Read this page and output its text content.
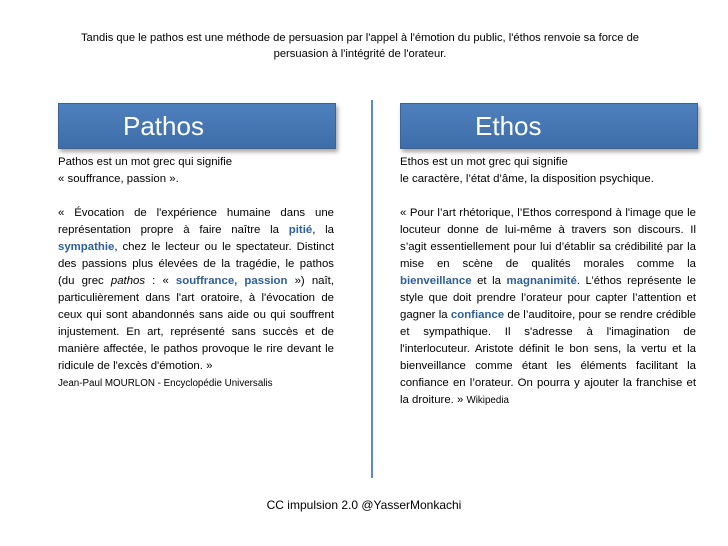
Tandis que le pathos est une méthode de persuasion par l'appel à l'émotion du public, l'éthos renvoie sa force de persuasion à l'intégrité de l'orateur.
Pathos	Ethos

Pathos est un mot grec qui signifie

« souffrance, passion ».

« Évocation de l'expérience humaine dans une représentation propre à faire naître la pitié, la sympathie, chez le lecteur ou le spectateur. Distinct des passions plus élevées de la tragédie, le pathos (du grec pathos : « souffrance, passion ») naît, particulièrement dans l'art oratoire, à l'évocation de ceux qui sont abandonnés sans aide ou qui souffrent injustement. En art, représenté sans succès et de manière affectée, le pathos provoque le rire devant le ridicule de l'excès d'émotion. »

Jean-Paul MOURLON - Encyclopédie Universalis

Ethos est un mot grec qui signifie

le caractère, l’état d’âme, la disposition psychique.

« Pour l’art rhétorique, l’Ethos correspond à l'image que le locuteur donne de lui-même à travers son discours. Il s’agit essentiellement pour lui d’établir sa crédibilité par la mise en scène de qualités morales comme la bienveillance et la magnanimité. L’éthos représente le style que doit prendre l’orateur pour capter l’attention et gagner la confiance de l’auditoire, pour se rendre crédible et sympathique. Il s'adresse à l'imagination de l'interlocuteur. Aristote définit le bon sens, la vertu et la bienveillance comme étant les éléments facilitant la confiance en l’orateur. On pourra y ajouter la franchise et la droiture. » Wikipedia

CC impulsion 2.0 @YasserMonkachi
